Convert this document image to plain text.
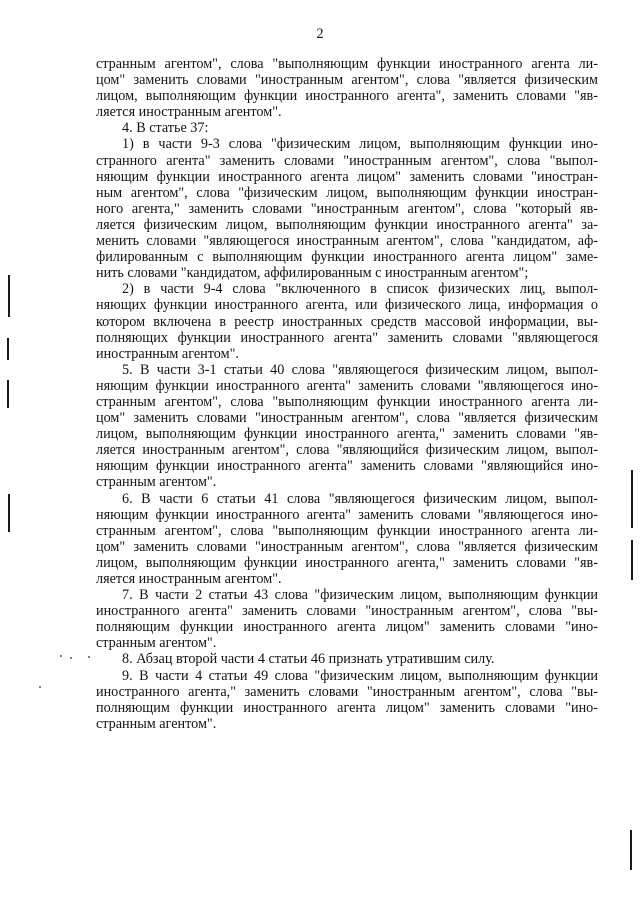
2
странным агентом", слова "выполняющим функции иностранного агента ли-
цом" заменить словами "иностранным агентом", слова "является физическим
лицом, выполняющим функции иностранного агента", заменить словами "яв-
ляется иностранным агентом".
4. В статье 37:
1) в части 9-3 слова "физическим лицом, выполняющим функции ино-
странного агента" заменить словами "иностранным агентом", слова "выпол-
няющим функции иностранного агента лицом" заменить словами "иностран-
ным агентом", слова "физическим лицом, выполняющим функции иностран-
ного агента," заменить словами "иностранным агентом", слова "который яв-
ляется физическим лицом, выполняющим функции иностранного агента" за-
менить словами "являющегося иностранным агентом", слова "кандидатом, аф-
филированным с выполняющим функции иностранного агента лицом" заме-
нить словами "кандидатом, аффилированным с иностранным агентом";
2) в части 9-4 слова "включенного в список физических лиц, выпол-
няющих функции иностранного агента, или физического лица, информация о
котором включена в реестр иностранных средств массовой информации, вы-
полняющих функции иностранного агента" заменить словами "являющегося
иностранным агентом".
5. В части 3-1 статьи 40 слова "являющегося физическим лицом, выпол-
няющим функции иностранного агента" заменить словами "являющегося ино-
странным агентом", слова "выполняющим функции иностранного агента ли-
цом" заменить словами "иностранным агентом", слова "является физическим
лицом, выполняющим функции иностранного агента," заменить словами "яв-
ляется иностранным агентом", слова "являющийся физическим лицом, выпол-
няющим функции иностранного агента" заменить словами "являющийся ино-
странным агентом".
6. В части 6 статьи 41 слова "являющегося физическим лицом, выпол-
няющим функции иностранного агента" заменить словами "являющегося ино-
странным агентом", слова "выполняющим функции иностранного агента ли-
цом" заменить словами "иностранным агентом", слова "является физическим
лицом, выполняющим функции иностранного агента," заменить словами "яв-
ляется иностранным агентом".
7. В части 2 статьи 43 слова "физическим лицом, выполняющим функции
иностранного агента" заменить словами "иностранным агентом", слова "вы-
полняющим функции иностранного агента лицом" заменить словами "ино-
странным агентом".
8. Абзац второй части 4 статьи 46 признать утратившим силу.
9. В части 4 статьи 49 слова "физическим лицом, выполняющим функции
иностранного агента," заменить словами "иностранным агентом", слова "вы-
полняющим функции иностранного агента лицом" заменить словами "ино-
странным агентом".
